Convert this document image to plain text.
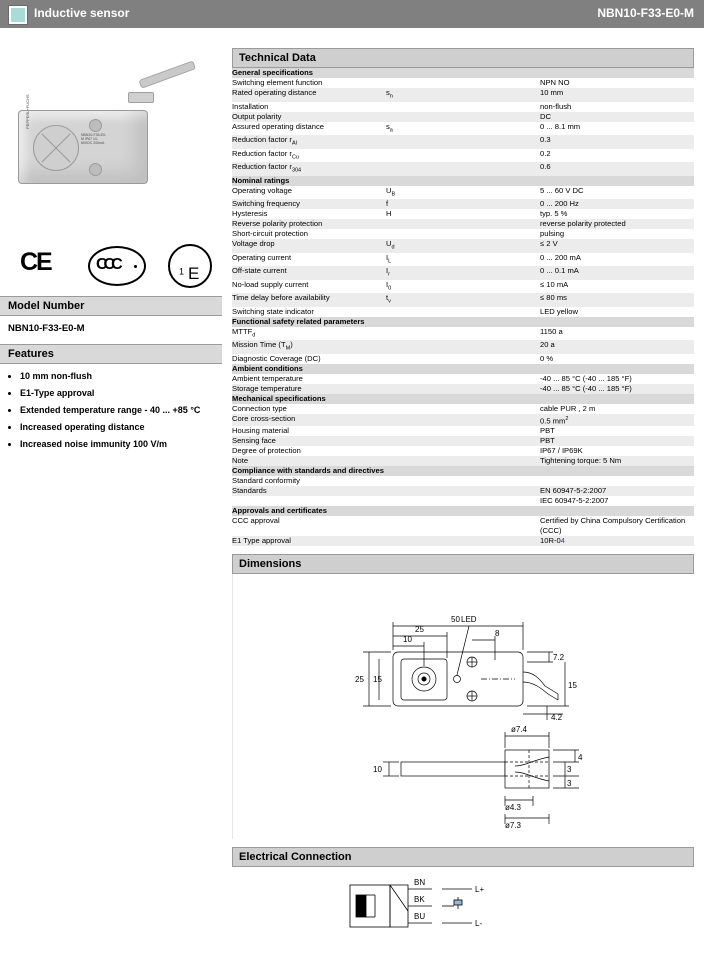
Inductive sensor	NBN10-F33-E0-M
PEPPERL+FUCHS
NBN10-F33-E0-M IP67 10-60VDC 200mA
CE	CCC	E
$_1$
Model Number
NBN10-F33-E0-M
Features
• 10 mm non-flush
• E1-Type approval
• Extended temperature range - 40 ... +85 °C
• Increased operating distance
• Increased noise immunity 100 V/m
Technical Data
General specifications		
Switching element function		NPN NO
Rated operating distance	$s_n$	10 mm
Installation		non-flush
Output polarity		DC
Assured operating distance	$s_a$	0 ... 8.1 mm
Reduction factor $r_{Al}$		0.3
Reduction factor $r_{Cu}$		0.2
Reduction factor $r_{304}$		0.6
Nominal ratings		
Operating voltage	$U_B$	5 ... 60 V DC
Switching frequency	f	0 ... 200 Hz
Hysteresis	H	typ. 5 %
Reverse polarity protection		reverse polarity protected
Short-circuit protection		pulsing
Voltage drop	$U_d$	≤ 2 V
Operating current	$I_L$	0 ... 200 mA
Off-state current	$I_r$	0 ... 0.1 mA
No-load supply current	$I_0$	≤ 10 mA
Time delay before availability	$t_v$	≤ 80 ms
Switching state indicator		LED yellow
Functional safety related parameters		
$MTTF_d$		1150 a
Mission Time $(T_M)$		20 a
Diagnostic Coverage (DC)		0 %
Ambient conditions		
Ambient temperature		-40 ... 85 °C (-40 ... 185 °F)
Storage temperature		-40 ... 85 °C (-40 ... 185 °F)
Mechanical specifications		
Connection type		cable PUR , 2 m
Core cross-section		0.5 $mm^2$
Housing material		PBT
Sensing face		PBT
Degree of protection		IP67 / IP69K
Note		Tightening torque: 5 Nm
Compliance with standards and directives		
Standard conformity		
Standards		EN 60947-5-2:2007
		IEC 60947-5-2:2007
Approvals and certificates		
CCC approval		Certified by China Compulsory Certification (CCC)
E1 Type approval		10R-04
Dimensions
50
25
10
LED
8
7.2
15
25 15
4.2
ø7.4
10
4
3
3
ø4.3
ø7.3
Electrical Connection
BN
BK
BU
L+
L-
